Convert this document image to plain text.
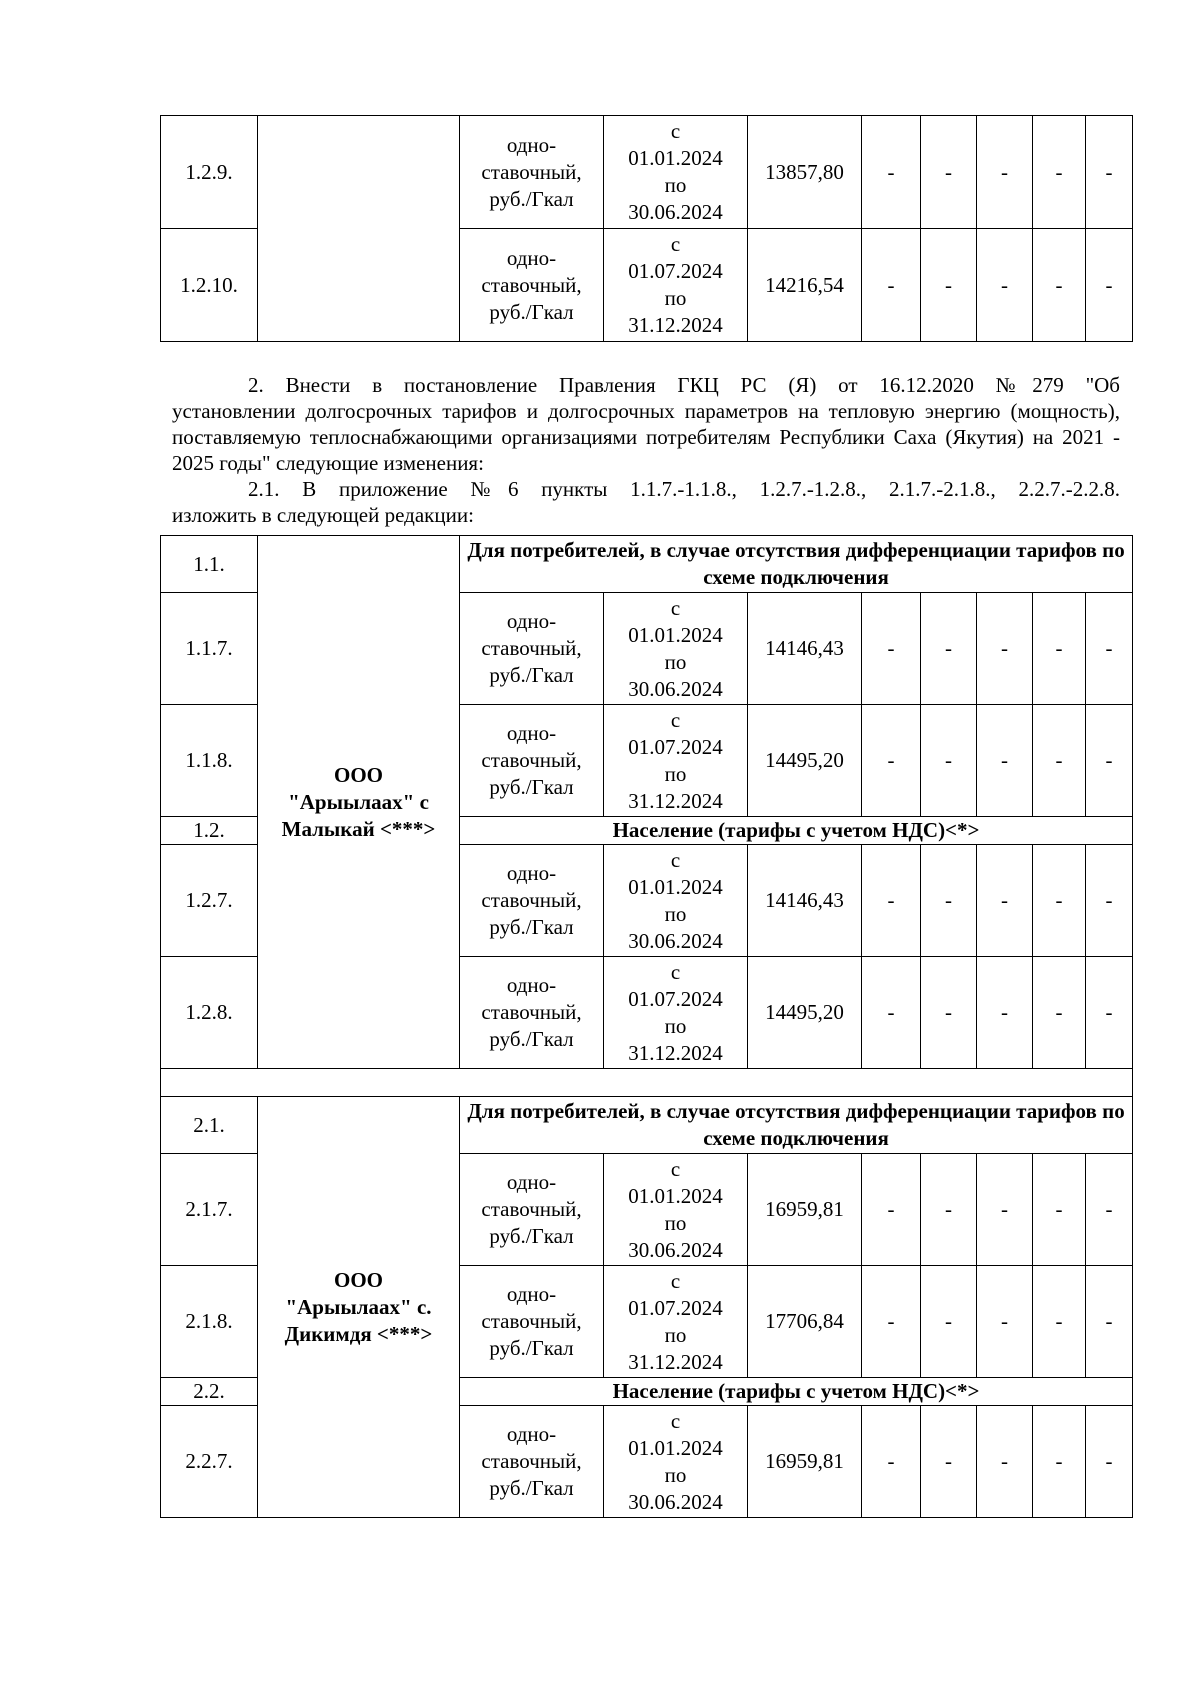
1.2.9.		одно-
ставочный,
руб./Гкал	с
01.01.2024
по
30.06.2024	13857,80	-	-	-	-	-
1.2.10.		одно-
ставочный,
руб./Гкал	с
01.07.2024
по
31.12.2024	14216,54	-	-	-	-	-

2. Внести в постановление Правления ГКЦ РС (Я) от 16.12.2020 №279 "Об

установлении долгосрочных тарифов и долгосрочных параметров на тепловую энергию (мощность), поставляемую теплоснабжающими организациями потребителям Республики Саха (Якутия) на 2021 - 2025 годы" следующие изменения:

2.1. В приложение №6 пункты 1.1.7.-1.1.8., 1.2.7.-1.2.8., 2.1.7.-2.1.8., 2.2.7.-2.2.8.

изложить в следующей редакции:

1.1.	ООО
"Арыылаах" с
Малыкай <***>	Для потребителей, в случае отсутствия дифференциации тарифов по схеме подключения							
1.1.7.		одно-
ставочный,
руб./Гкал	с
01.01.2024
по
30.06.2024	14146,43	-	-	-	-	-
1.1.8.		одно-
ставочный,
руб./Гкал	с
01.07.2024
по
31.12.2024	14495,20	-	-	-	-	-
1.2.		Население (тарифы с учетом НДС)<*>							
1.2.7.		одно-
ставочный,
руб./Гкал	с
01.01.2024
по
30.06.2024	14146,43	-	-	-	-	-
1.2.8.		одно-
ставочный,
руб./Гкал	с
01.07.2024
по
31.12.2024	14495,20	-	-	-	-	-

2.1.	ООО
"Арыылаах" с.
Дикимдя <***>	Для потребителей, в случае отсутствия дифференциации тарифов по схеме подключения							
2.1.7.		одно-
ставочный,
руб./Гкал	с
01.01.2024
по
30.06.2024	16959,81	-	-	-	-	-
2.1.8.		одно-
ставочный,
руб./Гкал	с
01.07.2024
по
31.12.2024	17706,84	-	-	-	-	-
2.2.		Население (тарифы с учетом НДС)<*>							
2.2.7.		одно-
ставочный,
руб./Гкал	с
01.01.2024
по
30.06.2024	16959,81	-	-	-	-	-
